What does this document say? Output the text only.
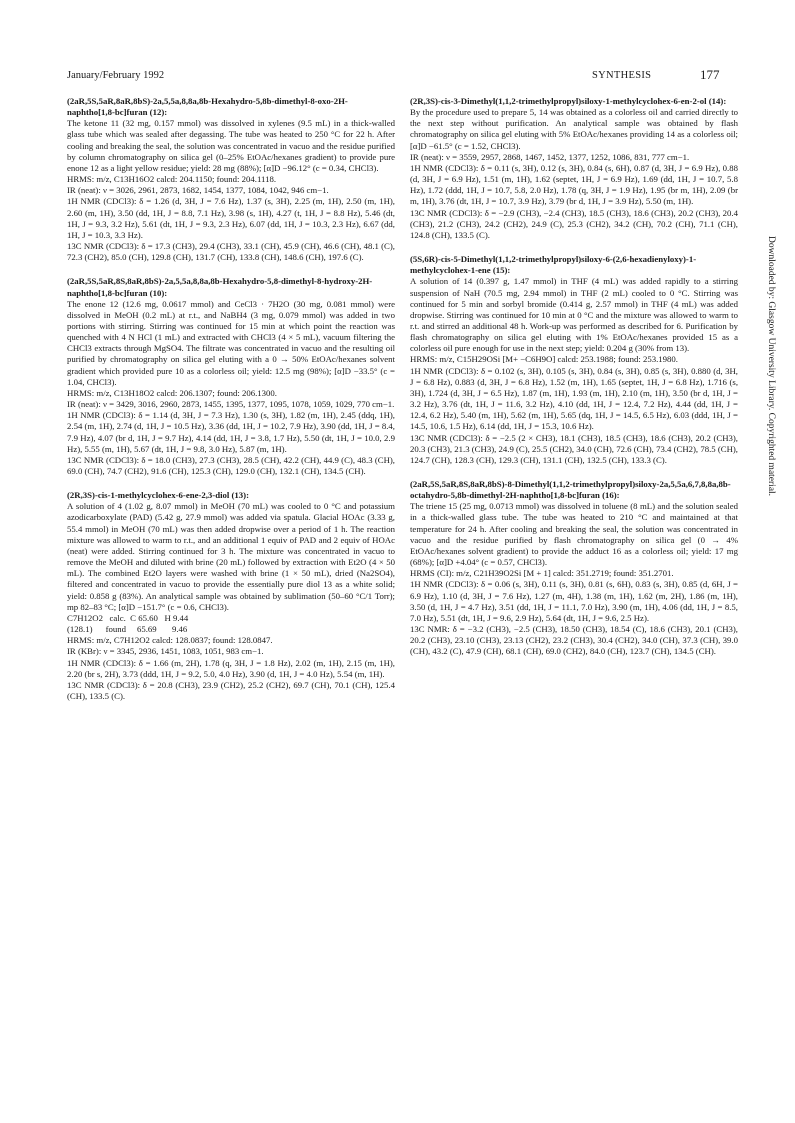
January/February 1992	SYNTHESIS	177

(2aR,5S,5aR,8aR,8bS)-2a,5,5a,8,8a,8b-Hexahydro-5,8b-dimethyl-8-oxo-2H-naphtho[1,8-bc]furan (12):

The ketone 11 (32 mg, 0.157 mmol) was dissolved in xylenes (9.5 mL) in a thick-walled glass tube which was sealed after degassing. The tube was heated to 250 °C for 22 h. After cooling and breaking the seal, the solution was concentrated in vacuo and the residue purified by column chromatography on silica gel (0–25% EtOAc/hexanes gradient) to provide pure enone 12 as a light yellow residue; yield: 28 mg (88%); [α]D −96.12° (c = 0.34, CHCl3).

HRMS: m/z, C13H16O2 calcd: 204.1150; found: 204.1118.

IR (neat): ν = 3026, 2961, 2873, 1682, 1454, 1377, 1084, 1042, 946 cm−1.

1H NMR (CDCl3): δ = 1.26 (d, 3H, J = 7.6 Hz), 1.37 (s, 3H), 2.25 (m, 1H), 2.50 (m, 1H), 2.60 (m, 1H), 3.50 (dd, 1H, J = 8.8, 7.1 Hz), 3.98 (s, 1H), 4.27 (t, 1H, J = 8.8 Hz), 5.46 (dt, 1H, J = 9.3, 3.2 Hz), 5.61 (dt, 1H, J = 9.3, 2.3 Hz), 6.07 (dd, 1H, J = 10.3, 2.3 Hz), 6.67 (dd, 1H, J = 10.3, 3.3 Hz).

13C NMR (CDCl3): δ = 17.3 (CH3), 29.4 (CH3), 33.1 (CH), 45.9 (CH), 46.6 (CH), 48.1 (C), 72.3 (CH2), 85.0 (CH), 129.8 (CH), 131.7 (CH), 133.8 (CH), 148.6 (CH), 197.6 (C).

(2aR,5S,5aR,8S,8aR,8bS)-2a,5,5a,8,8a,8b-Hexahydro-5,8-dimethyl-8-hydroxy-2H-naphtho[1,8-bc]furan (10):

The enone 12 (12.6 mg, 0.0617 mmol) and CeCl3 · 7H2O (30 mg, 0.081 mmol) were dissolved in MeOH (0.2 mL) at r.t., and NaBH4 (3 mg, 0.079 mmol) was added in two portions with stirring. Stirring was continued for 15 min at which point the reaction was quenched with 4 N HCl (1 mL) and extracted with CHCl3 (4 × 5 mL), vacuum filtering the CHCl3 extracts through MgSO4. The filtrate was concentrated in vacuo and the resulting oil purified by chromatography on silica gel eluting with a 0 → 50% EtOAc/hexanes solvent gradient which provided pure 10 as a colorless oil; yield: 12.5 mg (98%); [α]D −33.5° (c = 1.04, CHCl3).

HRMS: m/z, C13H18O2 calcd: 206.1307; found: 206.1300.

IR (neat): ν = 3429, 3016, 2960, 2873, 1455, 1395, 1377, 1095, 1078, 1059, 1029, 770 cm−1.

1H NMR (CDCl3): δ = 1.14 (d, 3H, J = 7.3 Hz), 1.30 (s, 3H), 1.82 (m, 1H), 2.45 (ddq, 1H), 2.54 (m, 1H), 2.74 (d, 1H, J = 10.5 Hz), 3.36 (dd, 1H, J = 10.2, 7.9 Hz), 3.90 (dd, 1H, J = 8.4, 7.9 Hz), 4.07 (br d, 1H, J = 9.7 Hz), 4.14 (dd, 1H, J = 3.8, 1.7 Hz), 5.50 (dt, 1H, J = 10.0, 2.9 Hz), 5.55 (m, 1H), 5.67 (dt, 1H, J = 9.8, 3.0 Hz), 5.87 (m, 1H).

13C NMR (CDCl3): δ = 18.0 (CH3), 27.3 (CH3), 28.5 (CH), 42.2 (CH), 44.9 (C), 48.3 (CH), 69.0 (CH), 74.7 (CH2), 91.6 (CH), 125.3 (CH), 129.0 (CH), 132.1 (CH), 134.5 (CH).

(2R,3S)-cis-1-methylcyclohex-6-ene-2,3-diol (13):

A solution of 4 (1.02 g, 8.07 mmol) in MeOH (70 mL) was cooled to 0 °C and potassium azodicarboxylate (PAD) (5.42 g, 27.9 mmol) was added via spatula. Glacial HOAc (3.33 g, 55.4 mmol) in MeOH (70 mL) was then added dropwise over a period of 1 h. The reaction mixture was allowed to warm to r.t., and an additional 1 equiv of PAD and 2 equiv of HOAc (neat) were added. Stirring continued for 3 h. The mixture was concentrated in vacuo to remove the MeOH and diluted with brine (20 mL) followed by extraction with Et2O (4 × 50 mL). The combined Et2O layers were washed with brine (1 × 50 mL), dried (Na2SO4), filtered and concentrated in vacuo to provide the essentially pure diol 13 as a white solid; yield: 0.858 g (83%). An analytical sample was obtained by sublimation (50–60 °C/1 Torr); mp 82–83 °C; [α]D −151.7° (c = 0.6, CHCl3).

C7H12O2   calc.  C 65.60   H 9.44

(128.1)      found     65.69       9.46

HRMS: m/z, C7H12O2 calcd: 128.0837; found: 128.0847.

IR (KBr): ν = 3345, 2936, 1451, 1083, 1051, 983 cm−1.

1H NMR (CDCl3): δ = 1.66 (m, 2H), 1.78 (q, 3H, J = 1.8 Hz), 2.02 (m, 1H), 2.15 (m, 1H), 2.20 (br s, 2H), 3.73 (ddd, 1H, J = 9.2, 5.0, 4.0 Hz), 3.90 (d, 1H, J = 4.0 Hz), 5.54 (m, 1H).

13C NMR (CDCl3): δ = 20.8 (CH3), 23.9 (CH2), 25.2 (CH2), 69.7 (CH), 70.1 (CH), 125.4 (CH), 133.5 (C).

(2R,3S)-cis-3-Dimethyl(1,1,2-trimethylpropyl)siloxy-1-methylcyclohex-6-en-2-ol (14):

By the procedure used to prepare 5, 14 was obtained as a colorless oil and carried directly to the next step without purification. An analytical sample was obtained by flash chromatography on silica gel eluting with 5% EtOAc/hexanes providing 14 as a colorless oil; [α]D −61.5° (c = 1.52, CHCl3).

IR (neat): ν = 3559, 2957, 2868, 1467, 1452, 1377, 1252, 1086, 831, 777 cm−1.

1H NMR (CDCl3): δ = 0.11 (s, 3H), 0.12 (s, 3H), 0.84 (s, 6H), 0.87 (d, 3H, J = 6.9 Hz), 0.88 (d, 3H, J = 6.9 Hz), 1.51 (m, 1H), 1.62 (septet, 1H, J = 6.9 Hz), 1.69 (dd, 1H, J = 10.7, 5.8 Hz), 1.72 (ddd, 1H, J = 10.7, 5.8, 2.0 Hz), 1.78 (q, 3H, J = 1.9 Hz), 1.95 (br m, 1H), 2.09 (br m, 1H), 3.76 (dt, 1H, J = 10.7, 3.9 Hz), 3.79 (br d, 1H, J = 3.9 Hz), 5.50 (m, 1H).

13C NMR (CDCl3): δ = −2.9 (CH3), −2.4 (CH3), 18.5 (CH3), 18.6 (CH3), 20.2 (CH3), 20.4 (CH3), 21.2 (CH3), 24.2 (CH2), 24.9 (C), 25.3 (CH2), 34.2 (CH), 70.2 (CH), 71.1 (CH), 124.8 (CH), 133.5 (C).

(5S,6R)-cis-5-Dimethyl(1,1,2-trimethylpropyl)siloxy-6-(2,6-hexadienyloxy)-1-methylcyclohex-1-ene (15):

A solution of 14 (0.397 g, 1.47 mmol) in THF (4 mL) was added rapidly to a stirring suspension of NaH (70.5 mg, 2.94 mmol) in THF (2 mL) cooled to 0 °C. Stirring was continued for 5 min and sorbyl bromide (0.414 g, 2.57 mmol) in THF (4 mL) was added dropwise. Stirring was continued for 10 min at 0 °C and the mixture was allowed to warm to r.t. and stirred an additional 48 h. Work-up was performed as described for 6. Purification by flash chromatography on silica gel eluting with 1% EtOAc/hexanes provided 15 as a colorless oil pure enough for use in the next step; yield: 0.204 g (30% from 13).

HRMS: m/z, C15H29OSi [M+ −C6H9O] calcd: 253.1988; found: 253.1980.

1H NMR (CDCl3): δ = 0.102 (s, 3H), 0.105 (s, 3H), 0.84 (s, 3H), 0.85 (s, 3H), 0.880 (d, 3H, J = 6.8 Hz), 0.883 (d, 3H, J = 6.8 Hz), 1.52 (m, 1H), 1.65 (septet, 1H, J = 6.8 Hz), 1.716 (s, 3H), 1.724 (d, 3H, J = 6.5 Hz), 1.87 (m, 1H), 1.93 (m, 1H), 2.10 (m, 1H), 3.50 (br d, 1H, J = 3.2 Hz), 3.76 (dt, 1H, J = 11.6, 3.2 Hz), 4.10 (dd, 1H, J = 12.4, 7.2 Hz), 4.44 (dd, 1H, J = 12.4, 6.2 Hz), 5.40 (m, 1H), 5.62 (m, 1H), 5.65 (dq, 1H, J = 14.5, 6.5 Hz), 6.03 (ddd, 1H, J = 14.5, 10.6, 1.5 Hz), 6.14 (dd, 1H, J = 15.3, 10.6 Hz).

13C NMR (CDCl3): δ = −2.5 (2 × CH3), 18.1 (CH3), 18.5 (CH3), 18.6 (CH3), 20.2 (CH3), 20.3 (CH3), 21.3 (CH3), 24.9 (C), 25.5 (CH2), 34.0 (CH), 72.6 (CH), 73.4 (CH2), 78.5 (CH), 124.7 (CH), 128.3 (CH), 129.3 (CH), 131.1 (CH), 132.5 (CH), 133.3 (C).

(2aR,5S,5aR,8S,8aR,8bS)-8-Dimethyl(1,1,2-trimethylpropyl)siloxy-2a,5,5a,6,7,8,8a,8b-octahydro-5,8b-dimethyl-2H-naphtho[1,8-bc]furan (16):

The triene 15 (25 mg, 0.0713 mmol) was dissolved in toluene (8 mL) and the solution sealed in a thick-walled glass tube. The tube was heated to 210 °C and maintained at that temperature for 24 h. After cooling and breaking the seal, the solution was concentrated in vacuo and the residue purified by flash chromatography on silica gel (0 → 4% EtOAc/hexanes solvent gradient) to provide the adduct 16 as a colorless oil; yield: 17 mg (68%); [α]D +4.04° (c = 0.57, CHCl3).

HRMS (CI): m/z, C21H39O2Si [M + 1] calcd: 351.2719; found: 351.2701.

1H NMR (CDCl3): δ = 0.06 (s, 3H), 0.11 (s, 3H), 0.81 (s, 6H), 0.83 (s, 3H), 0.85 (d, 6H, J = 6.9 Hz), 1.10 (d, 3H, J = 7.6 Hz), 1.27 (m, 4H), 1.38 (m, 1H), 1.62 (m, 2H), 1.86 (m, 1H), 3.50 (d, 1H, J = 4.7 Hz), 3.51 (dd, 1H, J = 11.1, 7.0 Hz), 3.90 (m, 1H), 4.06 (dd, 1H, J = 8.5, 7.0 Hz), 5.51 (dt, 1H, J = 9.6, 2.9 Hz), 5.64 (dt, 1H, J = 9.6, 2.5 Hz).

13C NMR: δ = −3.2 (CH3), −2.5 (CH3), 18.50 (CH3), 18.54 (C), 18.6 (CH3), 20.1 (CH3), 20.2 (CH3), 23.10 (CH3), 23.13 (CH2), 23.2 (CH3), 30.4 (CH2), 34.0 (CH), 37.3 (CH), 39.0 (CH), 43.2 (C), 47.9 (CH), 68.1 (CH), 69.0 (CH2), 84.0 (CH), 123.7 (CH), 134.5 (CH).

Downloaded by: Glasgow University Library. Copyrighted material.
